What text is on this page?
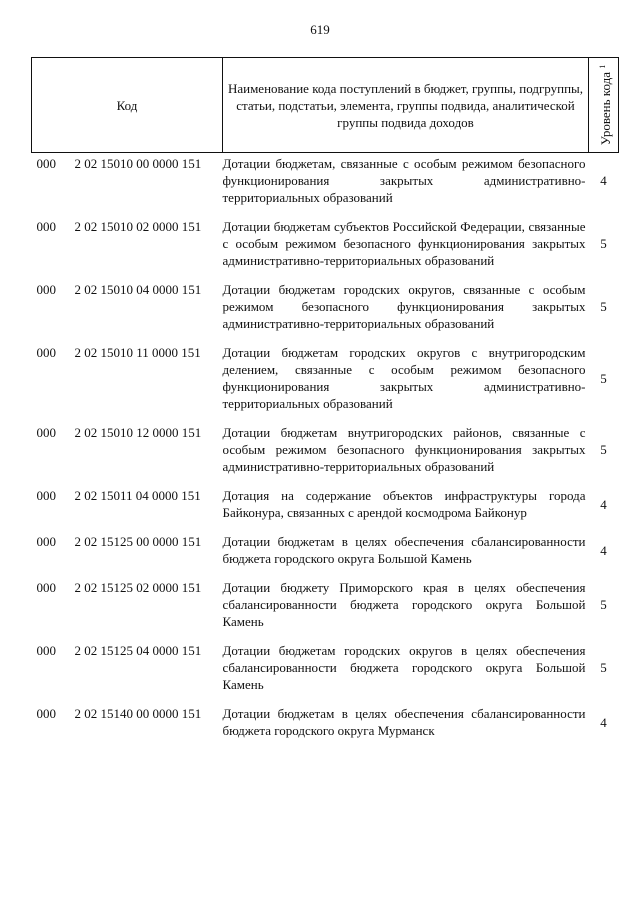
619
Код	Наименование кода поступлений в бюджет, группы, подгруппы, статьи, подстатьи, элемента, группы подвида, аналитической группы подвида доходов	Уровень кода $^1$

000 2 02 15010 00 0000 151	Дотации бюджетам, связанные с особым режимом безопасного функционирования закрытых административно-территориальных образований	4

000 2 02 15010 02 0000 151	Дотации бюджетам субъектов Российской Федерации, связанные с особым режимом безопасного функционирования закрытых административно-территориальных образований	5

000 2 02 15010 04 0000 151	Дотации бюджетам городских округов, связанные с особым режимом безопасного функционирования закрытых административно-территориальных образований	5

000 2 02 15010 11 0000 151	Дотации бюджетам городских округов с внутригородским делением, связанные с особым режимом безопасного функционирования закрытых административно-территориальных образований	5

000 2 02 15010 12 0000 151	Дотации бюджетам внутригородских районов, связанные с особым режимом безопасного функционирования закрытых административно-территориальных образований	5

000 2 02 15011 04 0000 151	Дотация на содержание объектов инфраструктуры города Байконура, связанных с арендой космодрома Байконур	4

000 2 02 15125 00 0000 151	Дотации бюджетам в целях обеспечения сбалансированности бюджета городского округа Большой Камень	4

000 2 02 15125 02 0000 151	Дотации бюджету Приморского края в целях обеспечения сбалансированности бюджета городского округа Большой Камень	5

000 2 02 15125 04 0000 151	Дотации бюджетам городских округов в целях обеспечения сбалансированности бюджета городского округа Большой Камень	5

000 2 02 15140 00 0000 151	Дотации бюджетам в целях обеспечения сбалансированности бюджета городского округа Мурманск	4
